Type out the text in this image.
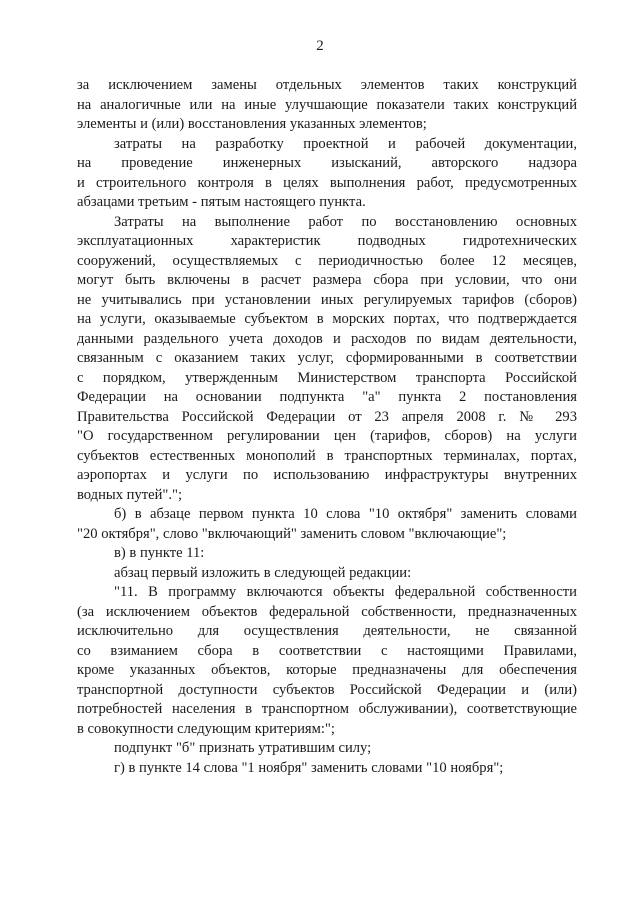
2
за исключением замены отдельных элементов таких конструкций
на аналогичные или на иные улучшающие показатели таких конструкций
элементы и (или) восстановления указанных элементов;
затраты на разработку проектной и рабочей документации,
на проведение инженерных изысканий, авторского надзора
и строительного контроля в целях выполнения работ, предусмотренных
абзацами третьим - пятым настоящего пункта.
Затраты на выполнение работ по восстановлению основных
эксплуатационных характеристик подводных гидротехнических
сооружений, осуществляемых с периодичностью более 12 месяцев,
могут быть включены в расчет размера сбора при условии, что они
не учитывались при установлении иных регулируемых тарифов (сборов)
на услуги, оказываемые субъектом в морских портах, что подтверждается
данными раздельного учета доходов и расходов по видам деятельности,
связанным с оказанием таких услуг, сформированными в соответствии
с порядком, утвержденным Министерством транспорта Российской
Федерации на основании подпункта "а" пункта 2 постановления
Правительства Российской Федерации от 23 апреля 2008 г. № 293
"О государственном регулировании цен (тарифов, сборов) на услуги
субъектов естественных монополий в транспортных терминалах, портах,
аэропортах и услуги по использованию инфраструктуры внутренних
водных путей".";
б) в абзаце первом пункта 10 слова "10 октября" заменить словами
"20 октября", слово "включающий" заменить словом "включающие";
в) в пункте 11:
абзац первый изложить в следующей редакции:
"11. В программу включаются объекты федеральной собственности
(за исключением объектов федеральной собственности, предназначенных
исключительно для осуществления деятельности, не связанной
со взиманием сбора в соответствии с настоящими Правилами,
кроме указанных объектов, которые предназначены для обеспечения
транспортной доступности субъектов Российской Федерации и (или)
потребностей населения в транспортном обслуживании), соответствующие
в совокупности следующим критериям:";
подпункт "б" признать утратившим силу;
г) в пункте 14 слова "1 ноября" заменить словами "10 ноября";
